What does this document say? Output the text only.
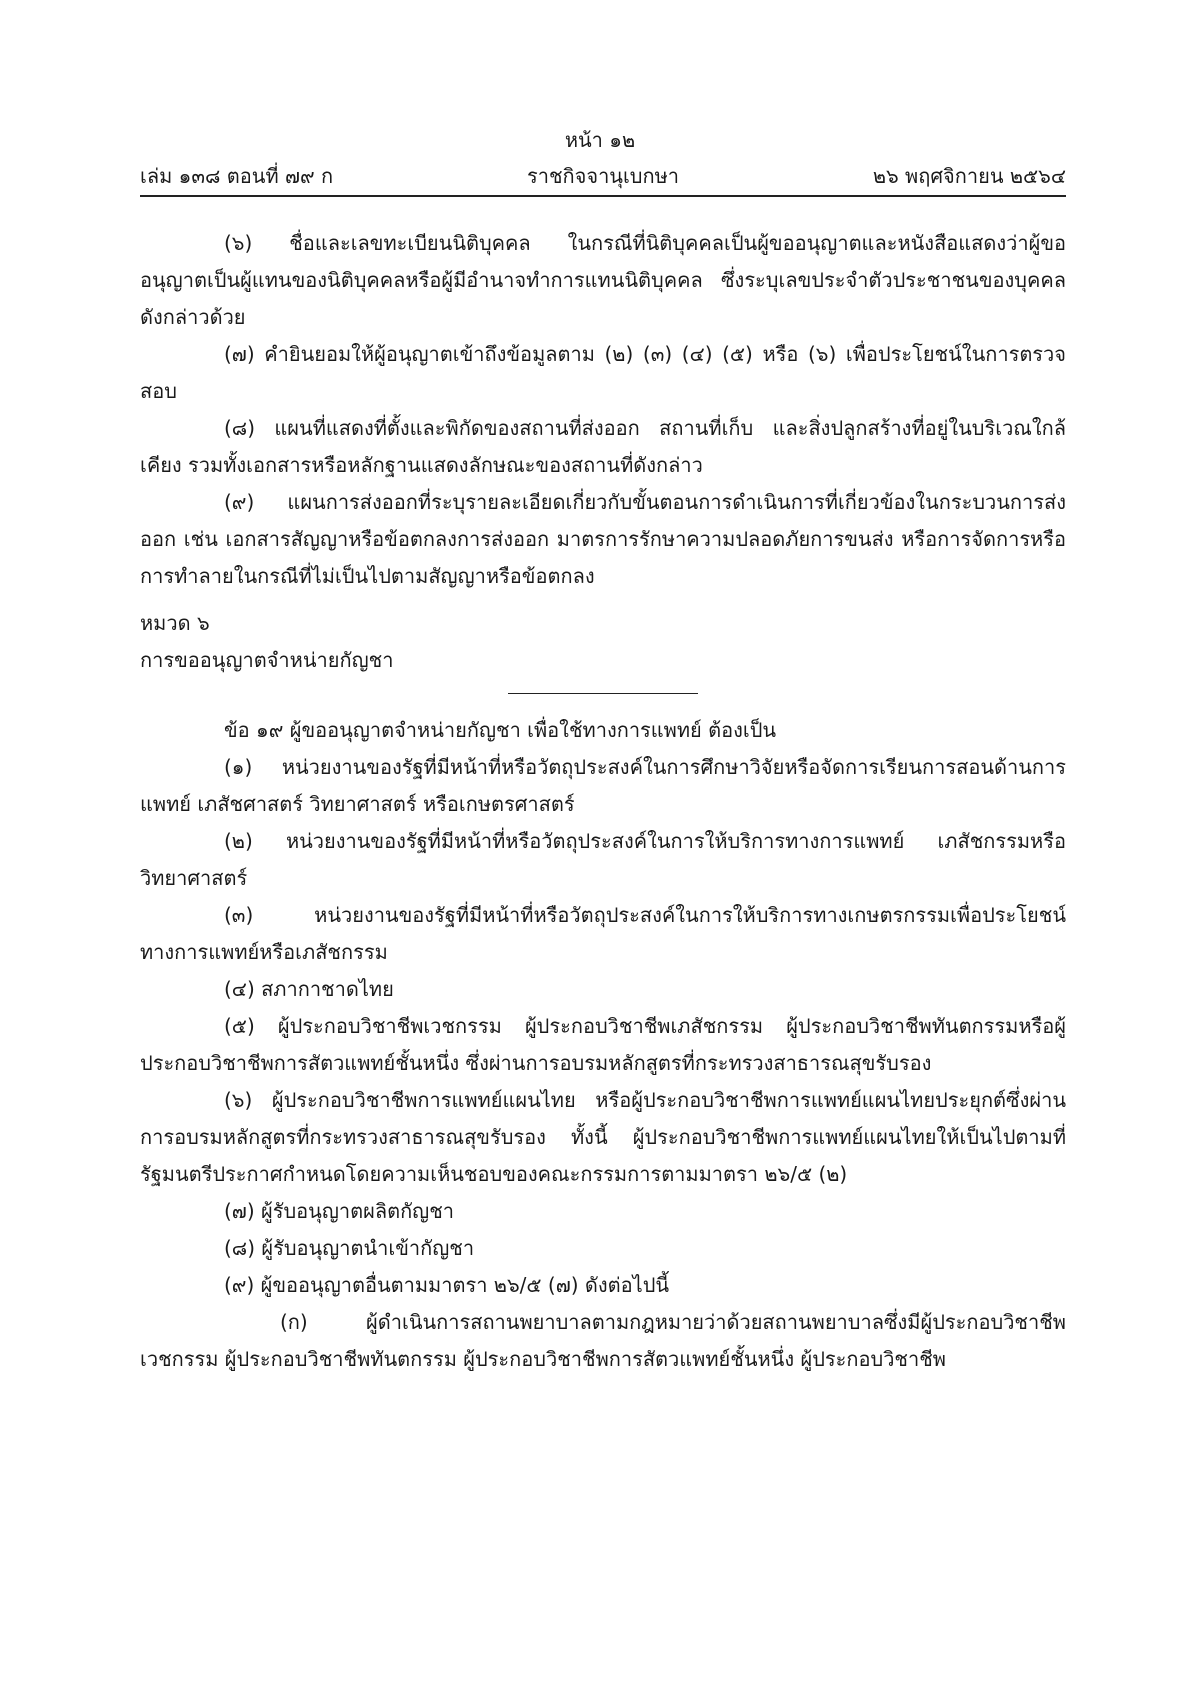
หน้า ๑๒
ราชกิจจานุเบกษา
เล่ม ๑๓๘ ตอนที่ ๗๙ ก	๒๖ พฤศจิกายน ๒๕๖๔

(๖) ชื่อและเลขทะเบียนนิติบุคคล ในกรณีที่นิติบุคคลเป็นผู้ขออนุญาตและหนังสือแสดงว่าผู้ขออนุญาตเป็นผู้แทนของนิติบุคคลหรือผู้มีอำนาจทำการแทนนิติบุคคล ซึ่งระบุเลขประจำตัวประชาชนของบุคคลดังกล่าวด้วย

(๗) คำยินยอมให้ผู้อนุญาตเข้าถึงข้อมูลตาม (๒) (๓) (๔) (๕) หรือ (๖) เพื่อประโยชน์ในการตรวจสอบ

(๘) แผนที่แสดงที่ตั้งและพิกัดของสถานที่ส่งออก สถานที่เก็บ และสิ่งปลูกสร้างที่อยู่ในบริเวณใกล้เคียง รวมทั้งเอกสารหรือหลักฐานแสดงลักษณะของสถานที่ดังกล่าว

(๙) แผนการส่งออกที่ระบุรายละเอียดเกี่ยวกับขั้นตอนการดำเนินการที่เกี่ยวข้องในกระบวนการส่งออก เช่น เอกสารสัญญาหรือข้อตกลงการส่งออก มาตรการรักษาความปลอดภัยการขนส่ง หรือการจัดการหรือการทำลายในกรณีที่ไม่เป็นไปตามสัญญาหรือข้อตกลง

หมวด ๖

การขออนุญาตจำหน่ายกัญชา

ข้อ ๑๙ ผู้ขออนุญาตจำหน่ายกัญชา เพื่อใช้ทางการแพทย์ ต้องเป็น

(๑) หน่วยงานของรัฐที่มีหน้าที่หรือวัตถุประสงค์ในการศึกษาวิจัยหรือจัดการเรียนการสอนด้านการแพทย์ เภสัชศาสตร์ วิทยาศาสตร์ หรือเกษตรศาสตร์

(๒) หน่วยงานของรัฐที่มีหน้าที่หรือวัตถุประสงค์ในการให้บริการทางการแพทย์ เภสัชกรรมหรือวิทยาศาสตร์

(๓) หน่วยงานของรัฐที่มีหน้าที่หรือวัตถุประสงค์ในการให้บริการทางเกษตรกรรมเพื่อประโยชน์ทางการแพทย์หรือเภสัชกรรม

(๔) สภากาชาดไทย

(๕) ผู้ประกอบวิชาชีพเวชกรรม ผู้ประกอบวิชาชีพเภสัชกรรม ผู้ประกอบวิชาชีพทันตกรรมหรือผู้ประกอบวิชาชีพการสัตวแพทย์ชั้นหนึ่ง ซึ่งผ่านการอบรมหลักสูตรที่กระทรวงสาธารณสุขรับรอง

(๖) ผู้ประกอบวิชาชีพการแพทย์แผนไทย หรือผู้ประกอบวิชาชีพการแพทย์แผนไทยประยุกต์ซึ่งผ่านการอบรมหลักสูตรที่กระทรวงสาธารณสุขรับรอง ทั้งนี้ ผู้ประกอบวิชาชีพการแพทย์แผนไทยให้เป็นไปตามที่รัฐมนตรีประกาศกำหนดโดยความเห็นชอบของคณะกรรมการตามมาตรา ๒๖/๕ (๒)

(๗) ผู้รับอนุญาตผลิตกัญชา

(๘) ผู้รับอนุญาตนำเข้ากัญชา

(๙) ผู้ขออนุญาตอื่นตามมาตรา ๒๖/๕ (๗) ดังต่อไปนี้

(ก) ผู้ดำเนินการสถานพยาบาลตามกฎหมายว่าด้วยสถานพยาบาลซึ่งมีผู้ประกอบวิชาชีพเวชกรรม ผู้ประกอบวิชาชีพทันตกรรม ผู้ประกอบวิชาชีพการสัตวแพทย์ชั้นหนึ่ง ผู้ประกอบวิชาชีพ
